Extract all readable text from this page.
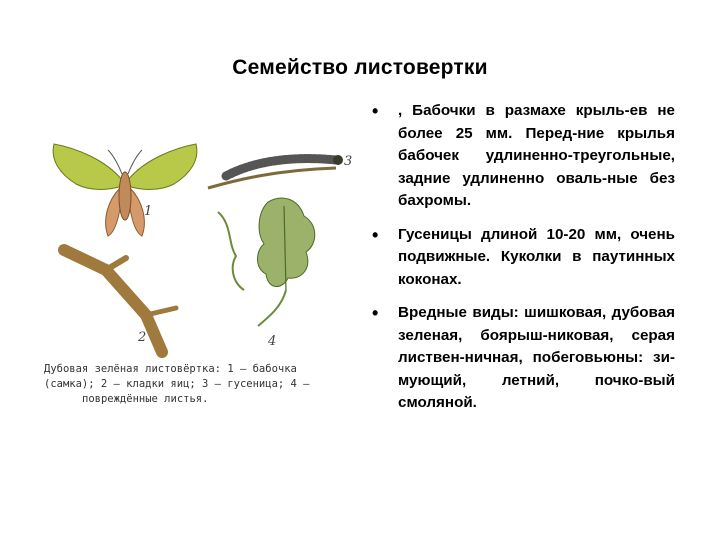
Семейство листовертки
1
2
3
4
Дубовая зелёная листовёртка: 1 — бабочка
(самка); 2 — кладки яиц; 3 — гусеница; 4 —
повреждённые листья.
• , Бабочки в размахе крыль-ев не более 25 мм. Перед-ние крылья бабочек удлиненно-треугольные, задние удлиненно оваль-ные без бахромы.
• Гусеницы длиной 10-20 мм, очень подвижные. Куколки в паутинных коконах.
• Вредные виды: шишковая, дубовая зеленая, боярыш-никовая, серая листвен-ничная, побеговьюны: зи-мующий, летний, почко-вый смоляной.
